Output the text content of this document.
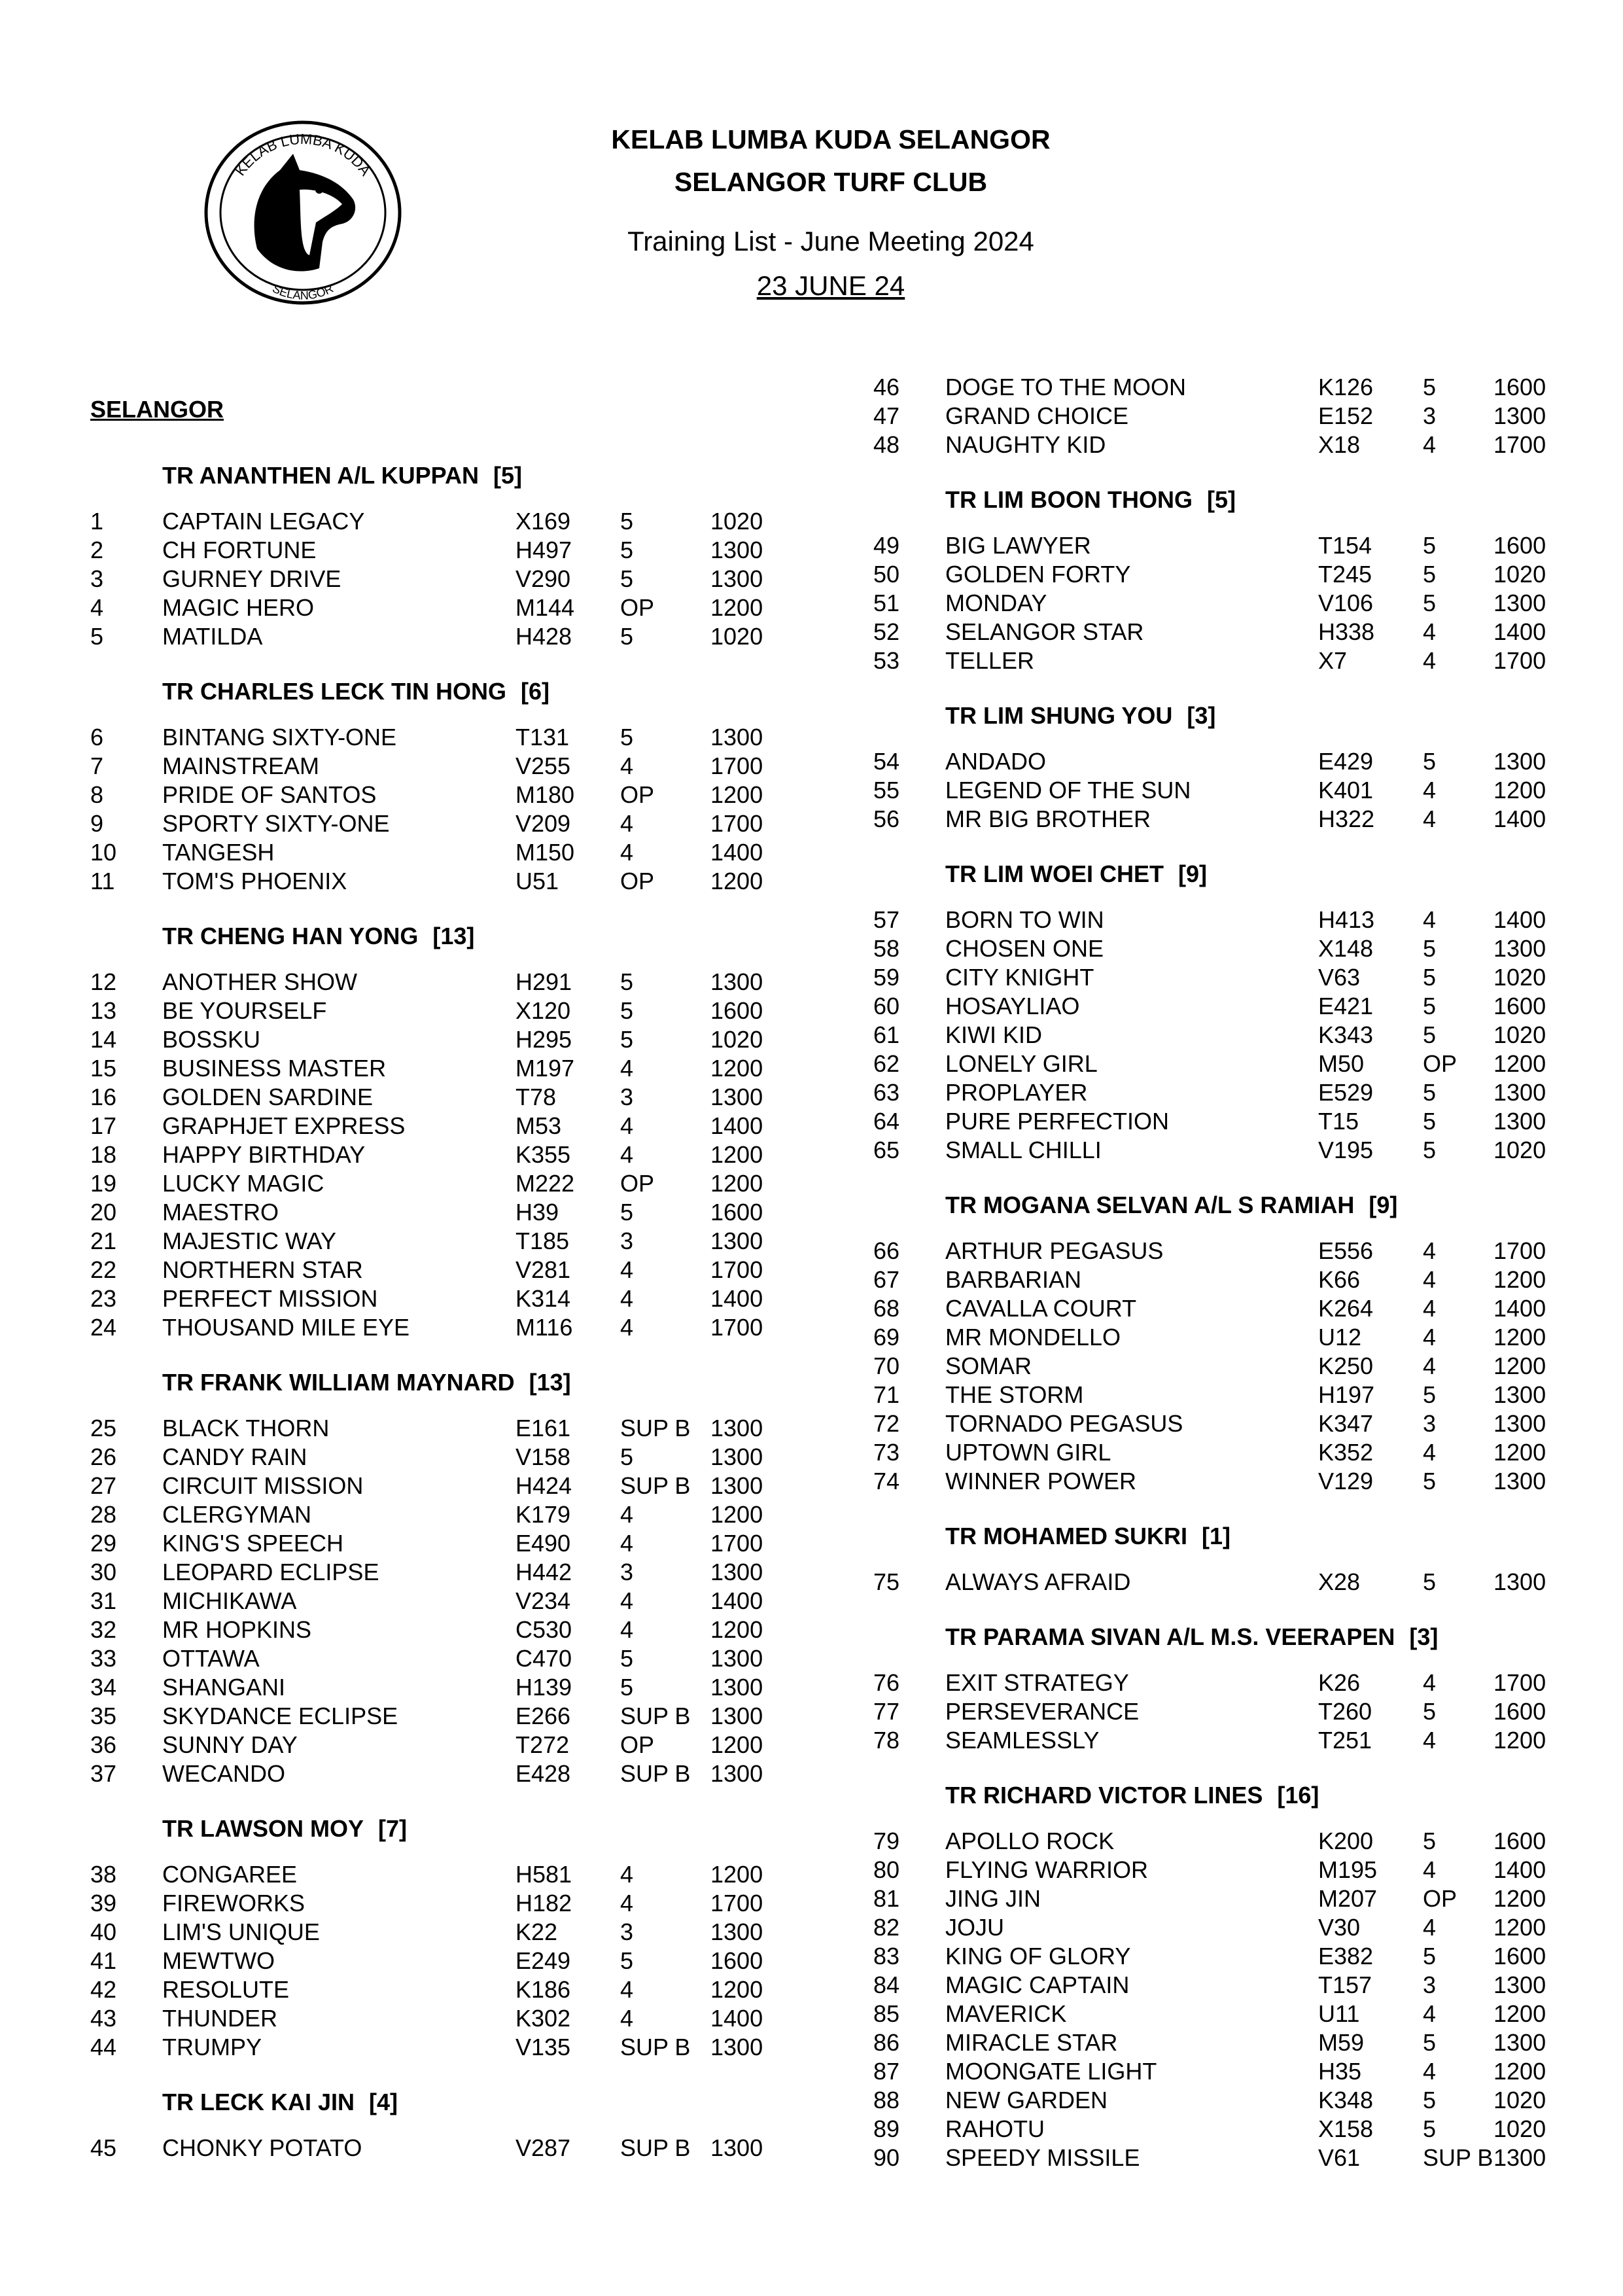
KELAB LUMBA KUDA
SELANGOR
KELAB LUMBA KUDA SELANGOR
SELANGOR TURF CLUB
Training List - June Meeting 2024
23 JUNE 24
SELANGOR
TR ANANTHEN A/L KUPPAN [5]
1 CAPTAIN LEGACY	X169 5	1020
2 CH FORTUNE	H497 5	1300
3 GURNEY DRIVE	V290 5	1300
4 MAGIC HERO	M144 OP 1200
5 MATILDA	H428 5	1020
TR CHARLES LECK TIN HONG [6]
6 BINTANG SIXTY-ONE	T131 5	1300
7 MAINSTREAM	V255 4	1700
8 PRIDE OF SANTOS	M180 OP 1200
9 SPORTY SIXTY-ONE	V209 4	1700
10 TANGESH	M150 4	1400
11 TOM'S PHOENIX	U51	OP 1200
TR CHENG HAN YONG [13]
12 ANOTHER SHOW	H291 5	1300
13 BE YOURSELF	X120 5	1600
14 BOSSKU	H295 5	1020
15 BUSINESS MASTER	M197 4	1200
16 GOLDEN SARDINE	T78	3	1300
17 GRAPHJET EXPRESS	M53 4	1400
18 HAPPY BIRTHDAY	K355 4	1200
19 LUCKY MAGIC	M222 OP 1200
20 MAESTRO	H39	5	1600
21 MAJESTIC WAY	T185 3	1300
22 NORTHERN STAR	V281 4	1700
23 PERFECT MISSION	K314 4	1400
24 THOUSAND MILE EYE	M116 4	1700
TR FRANK WILLIAM MAYNARD [13]
25 BLACK THORN	E161 SUP B 1300
26 CANDY RAIN	V158 5	1300
27 CIRCUIT MISSION	H424 SUP B 1300
28 CLERGYMAN	K179 4	1200
29 KING'S SPEECH	E490 4	1700
30 LEOPARD ECLIPSE	H442 3	1300
31 MICHIKAWA	V234 4	1400
32 MR HOPKINS	C530 4	1200
33 OTTAWA	C470 5	1300
34 SHANGANI	H139 5	1300
35 SKYDANCE ECLIPSE	E266 SUP B 1300
36 SUNNY DAY	T272 OP 1200
37 WECANDO	E428 SUP B 1300
TR LAWSON MOY [7]
38 CONGAREE	H581 4	1200
39 FIREWORKS	H182 4	1700
40 LIM'S UNIQUE	K22	3	1300
41 MEWTWO	E249 5	1600
42 RESOLUTE	K186 4	1200
43 THUNDER	K302 4	1400
44 TRUMPY	V135 SUP B 1300
TR LECK KAI JIN [4]
45 CHONKY POTATO	V287 SUP B 1300
46 DOGE TO THE MOON	K126 5 1600
47 GRAND CHOICE	E152 3 1300
48 NAUGHTY KID	X18	4 1700
TR LIM BOON THONG [5]
49 BIG LAWYER	T154 5 1600
50 GOLDEN FORTY	T245 5 1020
51 MONDAY	V106 5 1300
52 SELANGOR STAR	H338 4 1400
53 TELLER	X7	4 1700
TR LIM SHUNG YOU [3]
54 ANDADO	E429 5 1300
55 LEGEND OF THE SUN	K401 4 1200
56 MR BIG BROTHER	H322 4 1400
TR LIM WOEI CHET [9]
57 BORN TO WIN	H413 4 1400
58 CHOSEN ONE	X148 5 1300
59 CITY KNIGHT	V63	5 1020
60 HOSAYLIAO	E421 5 1600
61 KIWI KID	K343 5 1020
62 LONELY GIRL	M50 OP 1200
63 PROPLAYER	E529 5 1300
64 PURE PERFECTION	T15	5 1300
65 SMALL CHILLI	V195 5 1020
TR MOGANA SELVAN A/L S RAMIAH [9]
66 ARTHUR PEGASUS	E556 4 1700
67 BARBARIAN	K66	4 1200
68 CAVALLA COURT	K264 4 1400
69 MR MONDELLO	U12	4 1200
70 SOMAR	K250 4 1200
71 THE STORM	H197 5 1300
72 TORNADO PEGASUS	K347 3 1300
73 UPTOWN GIRL	K352 4 1200
74 WINNER POWER	V129 5 1300
TR MOHAMED SUKRI [1]
75 ALWAYS AFRAID	X28	5 1300
TR PARAMA SIVAN A/L M.S. VEERAPEN [3]
76 EXIT STRATEGY	K26	4 1700
77 PERSEVERANCE	T260 5 1600
78 SEAMLESSLY	T251 4 1200
TR RICHARD VICTOR LINES [16]
79 APOLLO ROCK	K200 5 1600
80 FLYING WARRIOR	M195 4 1400
81 JING JIN	M207 OP 1200
82 JOJU	V30	4 1200
83 KING OF GLORY	E382 5 1600
84 MAGIC CAPTAIN	T157 3 1300
85 MAVERICK	U11	4 1200
86 MIRACLE STAR	M59 5 1300
87 MOONGATE LIGHT	H35	4 1200
88 NEW GARDEN	K348 5 1020
89 RAHOTU	X158 5 1020
90 SPEEDY MISSILE	V61	SUP B 1300
